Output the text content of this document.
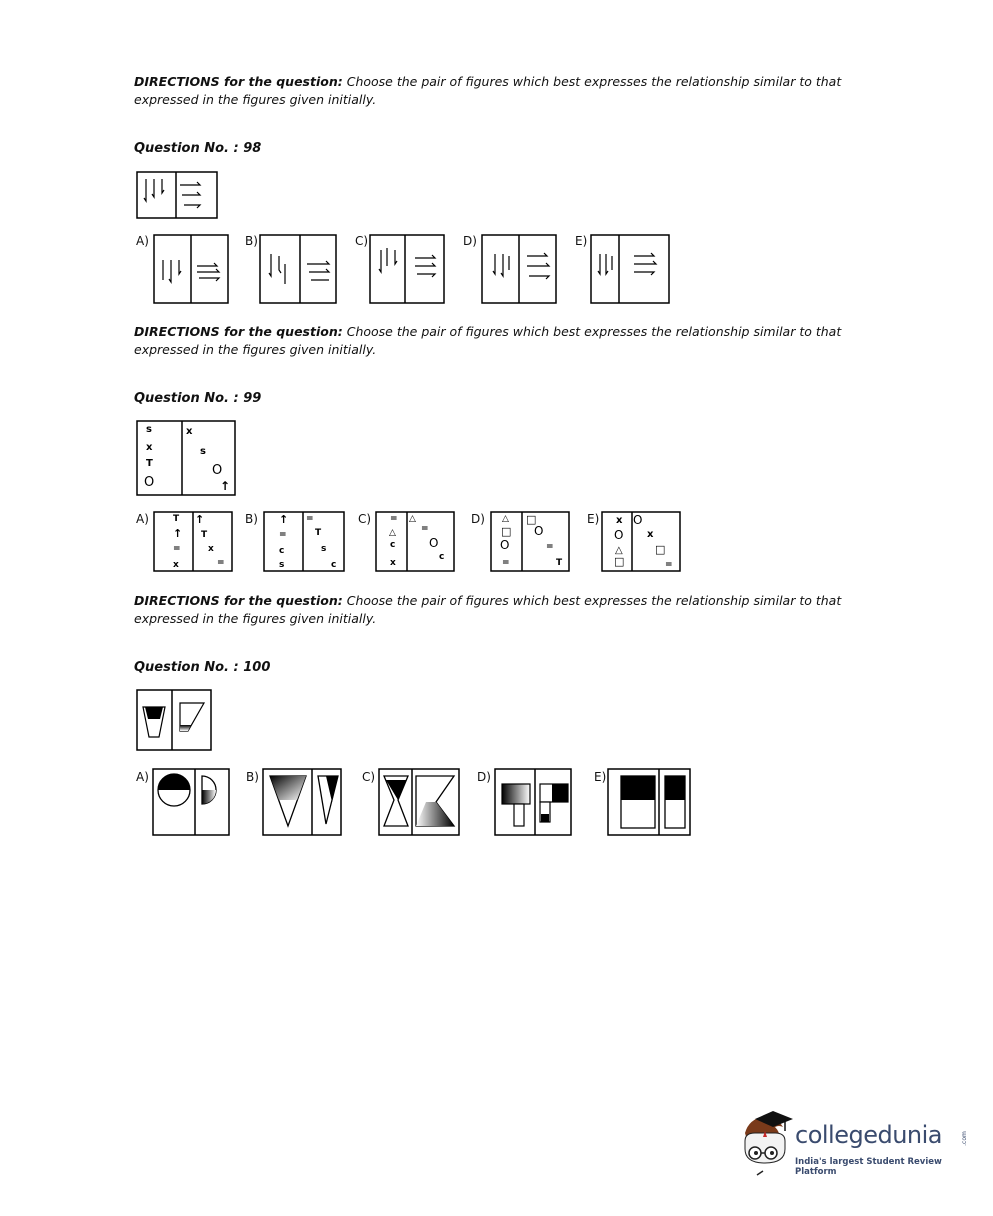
DIRECTIONS for the question: Choose the pair of figures which best expresses the relationship similar to that expressed in the figures given initially.
Question No. : 98
A)	B)	C)	D)	E)
DIRECTIONS for the question: Choose the pair of figures which best expresses the relationship similar to that expressed in the figures given initially.
Question No. : 99
s
x
T
O
x
s
O
↑
A)	T
↑
=
x
↑
T
x
=
B) ↑
=
c
s
=
T
s
c
C) =
△
c
x
△
=
O
c
D) △
□
O
=
□
O
=
T
E) x
O
△
□
O
x
□
=
DIRECTIONS for the question: Choose the pair of figures which best expresses the relationship similar to that expressed in the figures given initially.
Question No. : 100
A)	B)	C)	D)	E)
collegedunia	.com
India's largest Student Review Platform
